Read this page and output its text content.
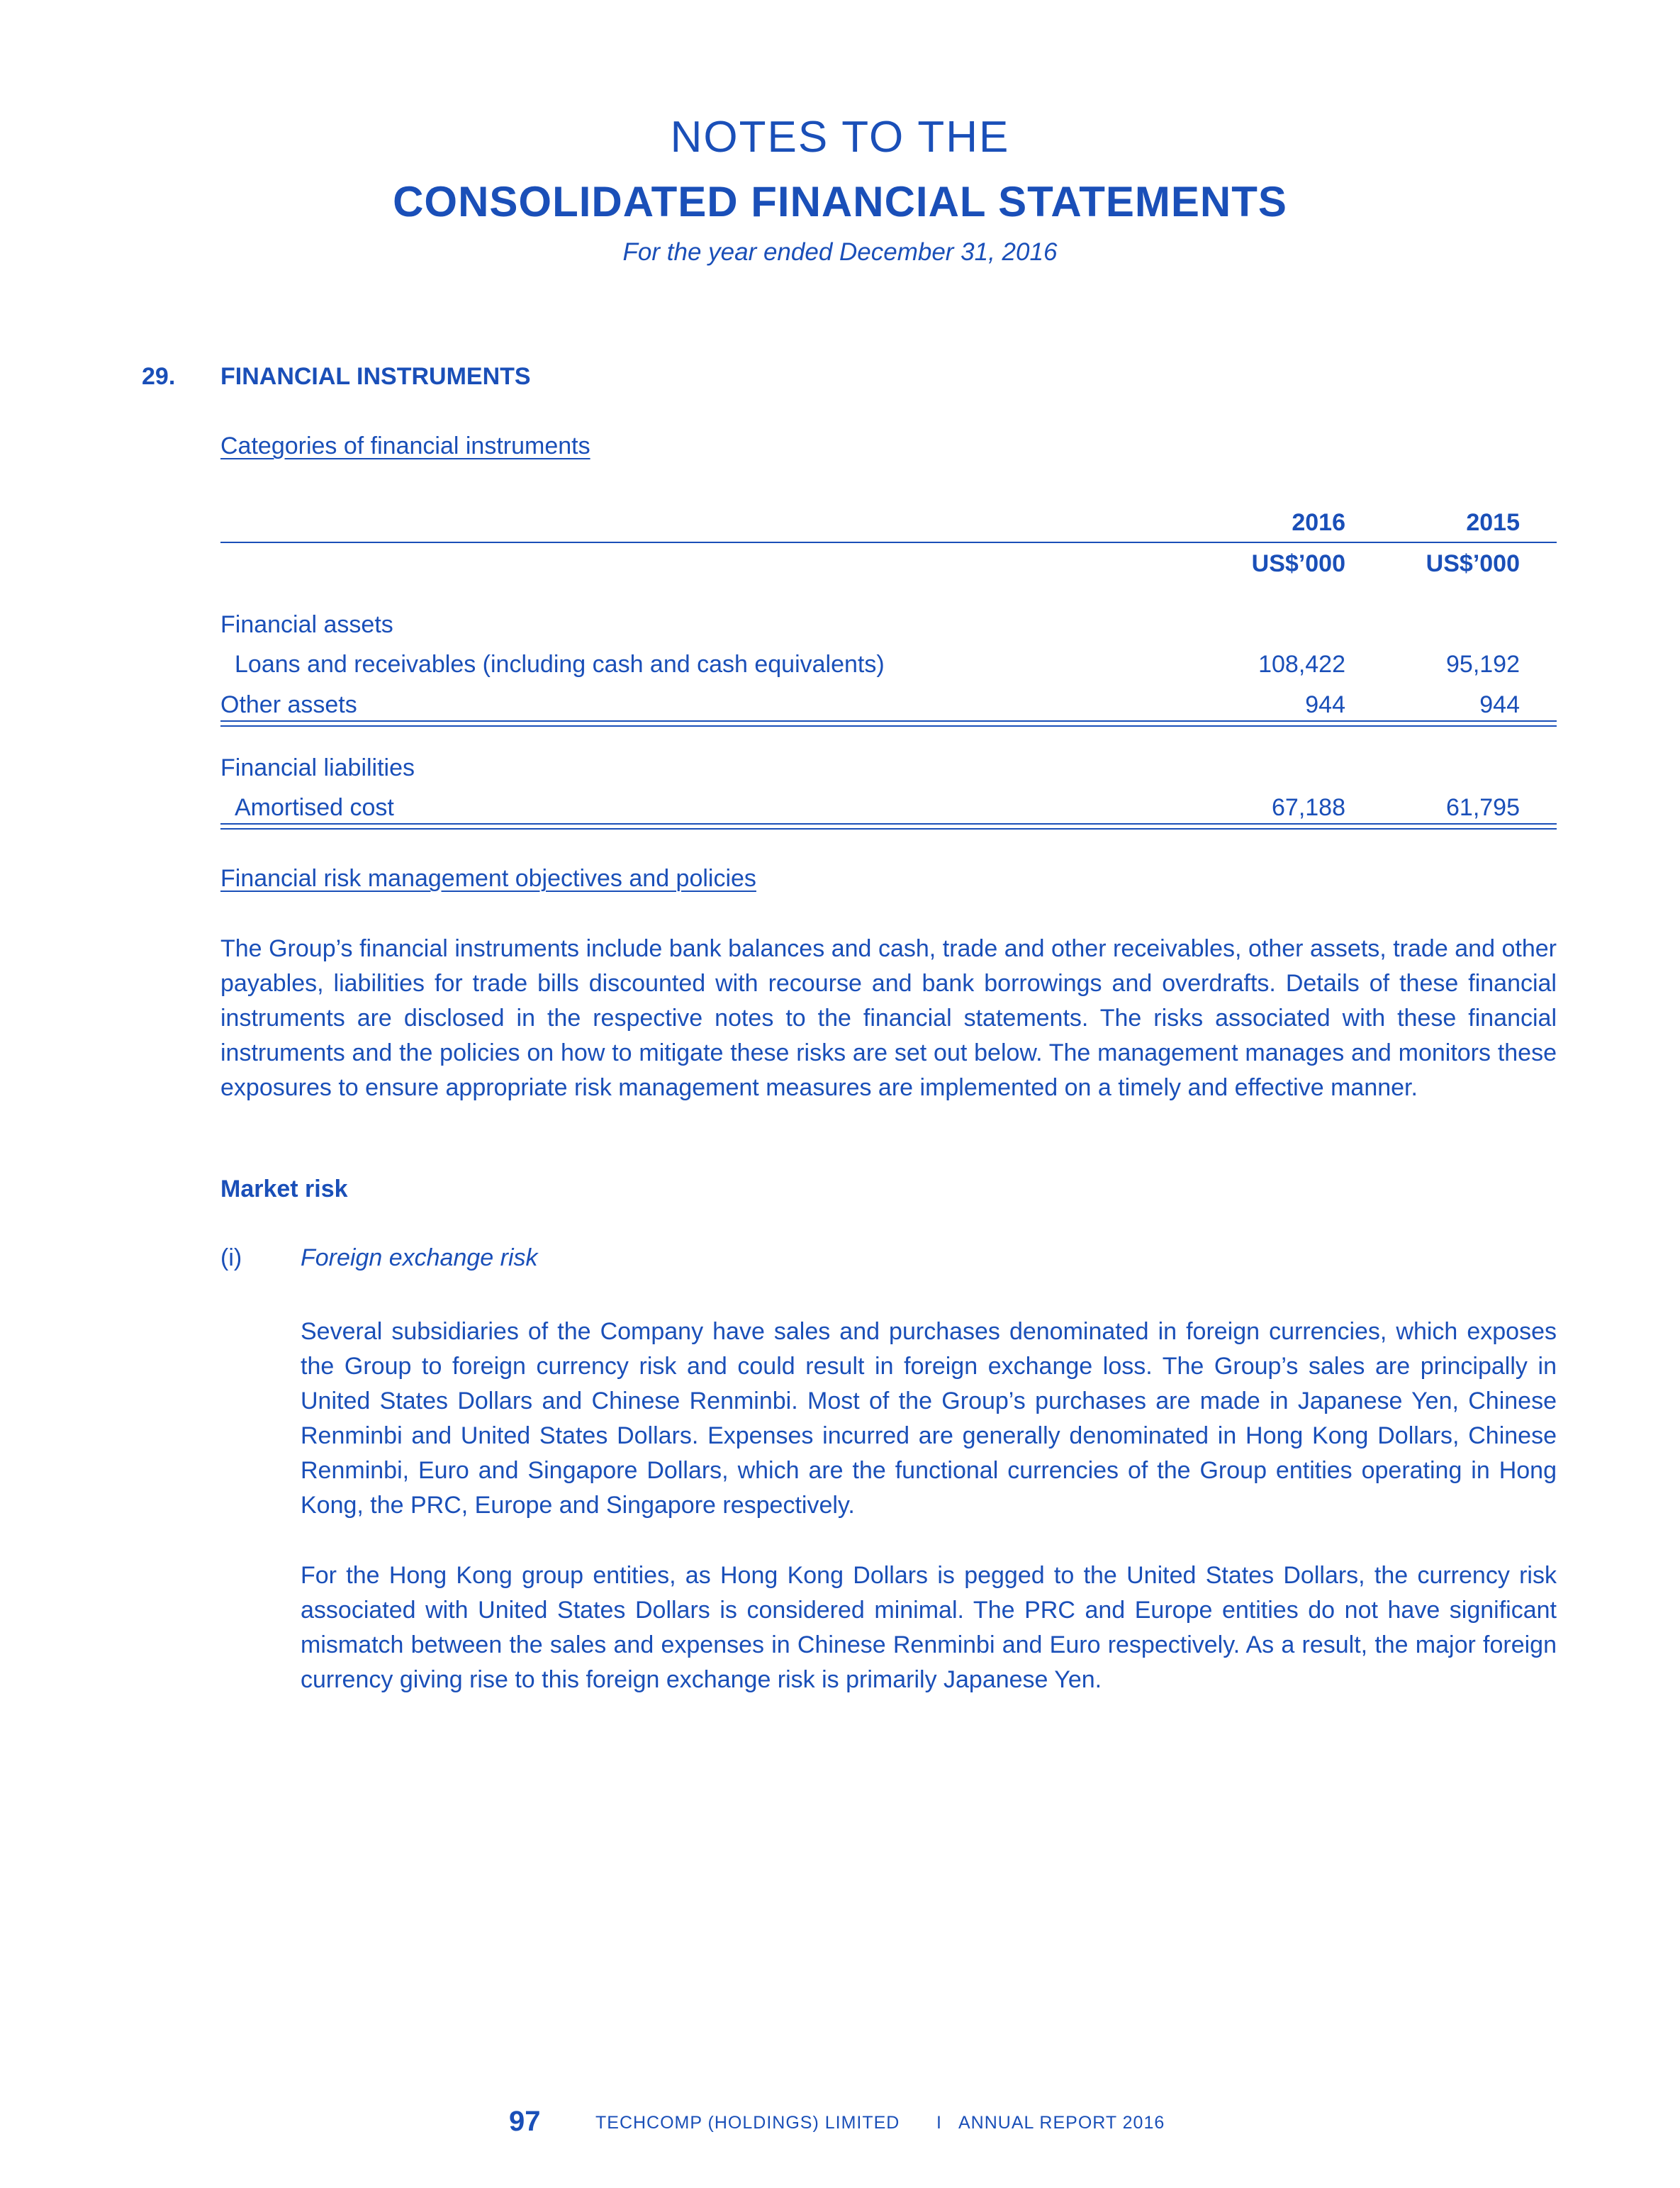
NOTES TO THE
CONSOLIDATED FINANCIAL STATEMENTS
For the year ended December 31, 2016
29. FINANCIAL INSTRUMENTS
Categories of financial instruments
2016	2015
US$’000	US$’000
Financial assets
Loans and receivables (including cash and cash equivalents)	108,422	95,192
Other assets	944	944
Financial liabilities
Amortised cost	67,188	61,795
Financial risk management objectives and policies
The Group’s financial instruments include bank balances and cash, trade and other receivables, other assets, trade and other payables, liabilities for trade bills discounted with recourse and bank borrowings and overdrafts. Details of these financial instruments are disclosed in the respective notes to the financial statements. The risks associated with these financial instruments and the policies on how to mitigate these risks are set out below. The management manages and monitors these exposures to ensure appropriate risk management measures are implemented on a timely and effective manner.
Market risk
(i) Foreign exchange risk
Several subsidiaries of the Company have sales and purchases denominated in foreign currencies, which exposes the Group to foreign currency risk and could result in foreign exchange loss. The Group’s sales are principally in United States Dollars and Chinese Renminbi. Most of the Group’s purchases are made in Japanese Yen, Chinese Renminbi and United States Dollars. Expenses incurred are generally denominated in Hong Kong Dollars, Chinese Renminbi, Euro and Singapore Dollars, which are the functional currencies of the Group entities operating in Hong Kong, the PRC, Europe and Singapore respectively.
For the Hong Kong group entities, as Hong Kong Dollars is pegged to the United States Dollars, the currency risk associated with United States Dollars is considered minimal. The PRC and Europe entities do not have significant mismatch between the sales and expenses in Chinese Renminbi and Euro respectively. As a result, the major foreign currency giving rise to this foreign exchange risk is primarily Japanese Yen.
97	TECHCOMP (HOLDINGS) LIMITED I ANNUAL REPORT 2016
